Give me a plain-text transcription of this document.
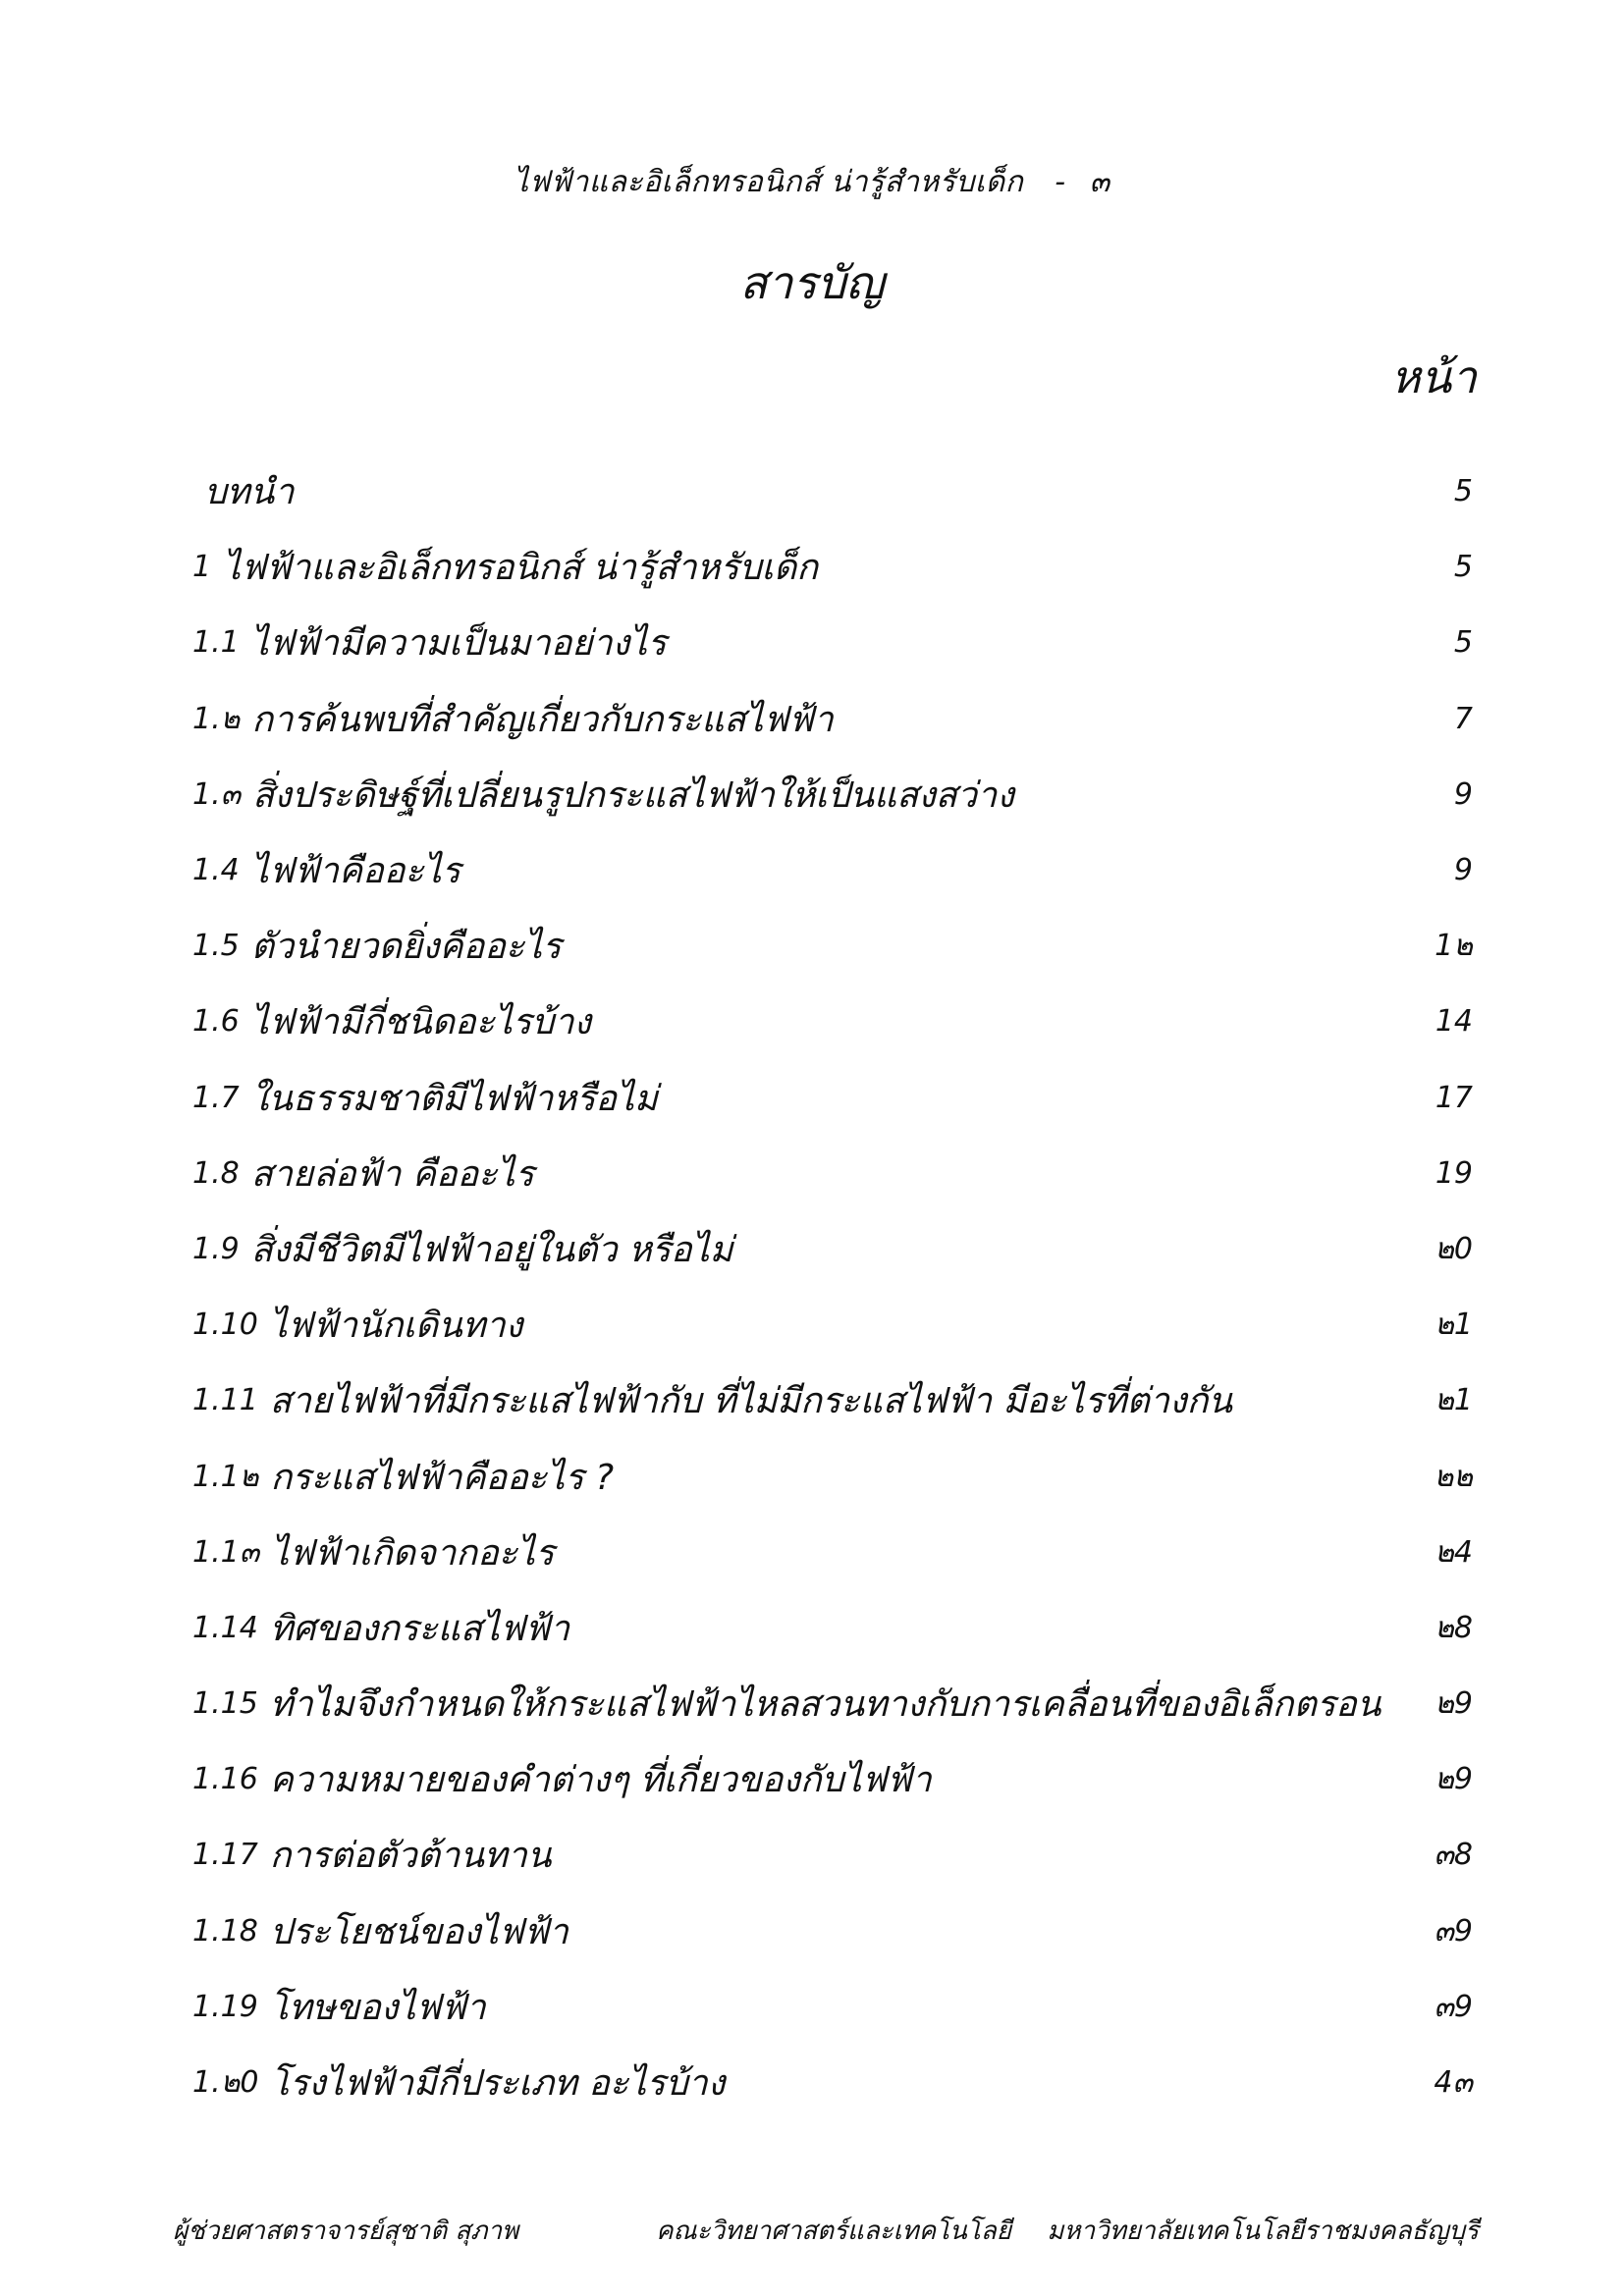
ไฟฟ้าและอิเล็กทรอนิกส์ น่ารู้สำหรับเด็ก - ๓
สารบัญ
หน้า
บทนำ	5
1 ไฟฟ้าและอิเล็กทรอนิกส์ น่ารู้สำหรับเด็ก	5
1.1 ไฟฟ้ามีความเป็นมาอย่างไร	5
1.๒ การค้นพบที่สำคัญเกี่ยวกับกระแสไฟฟ้า	7
1.๓ สิ่งประดิษฐ์ที่เปลี่ยนรูปกระแสไฟฟ้าให้เป็นแสงสว่าง	9
1.4 ไฟฟ้าคืออะไร	9
1.5 ตัวนำยวดยิ่งคืออะไร	1๒
1.6 ไฟฟ้ามีกี่ชนิดอะไรบ้าง	14
1.7 ในธรรมชาติมีไฟฟ้าหรือไม่	17
1.8 สายล่อฟ้า คืออะไร	19
1.9 สิ่งมีชีวิตมีไฟฟ้าอยู่ในตัว หรือไม่	๒0
1.10 ไฟฟ้านักเดินทาง	๒1
1.11 สายไฟฟ้าที่มีกระแสไฟฟ้ากับ ที่ไม่มีกระแสไฟฟ้า มีอะไรที่ต่างกัน	๒1
1.1๒ กระแสไฟฟ้าคืออะไร ?	๒๒
1.1๓ ไฟฟ้าเกิดจากอะไร	๒4
1.14 ทิศของกระแสไฟฟ้า	๒8
1.15 ทำไมจึงกำหนดให้กระแสไฟฟ้าไหลสวนทางกับการเคลื่อนที่ของอิเล็กตรอน ๒9
1.16 ความหมายของคำต่างๆ ที่เกี่ยวของกับไฟฟ้า	๒9
1.17 การต่อตัวต้านทาน	๓8
1.18 ประโยชน์ของไฟฟ้า	๓9
1.19 โทษของไฟฟ้า	๓9
1.๒0 โรงไฟฟ้ามีกี่ประเภท อะไรบ้าง	4๓
ผู้ช่วยศาสตราจารย์สุชาติ สุภาพ	คณะวิทยาศาสตร์และเทคโนโลยี มหาวิทยาลัยเทคโนโลยีราชมงคลธัญบุรี
